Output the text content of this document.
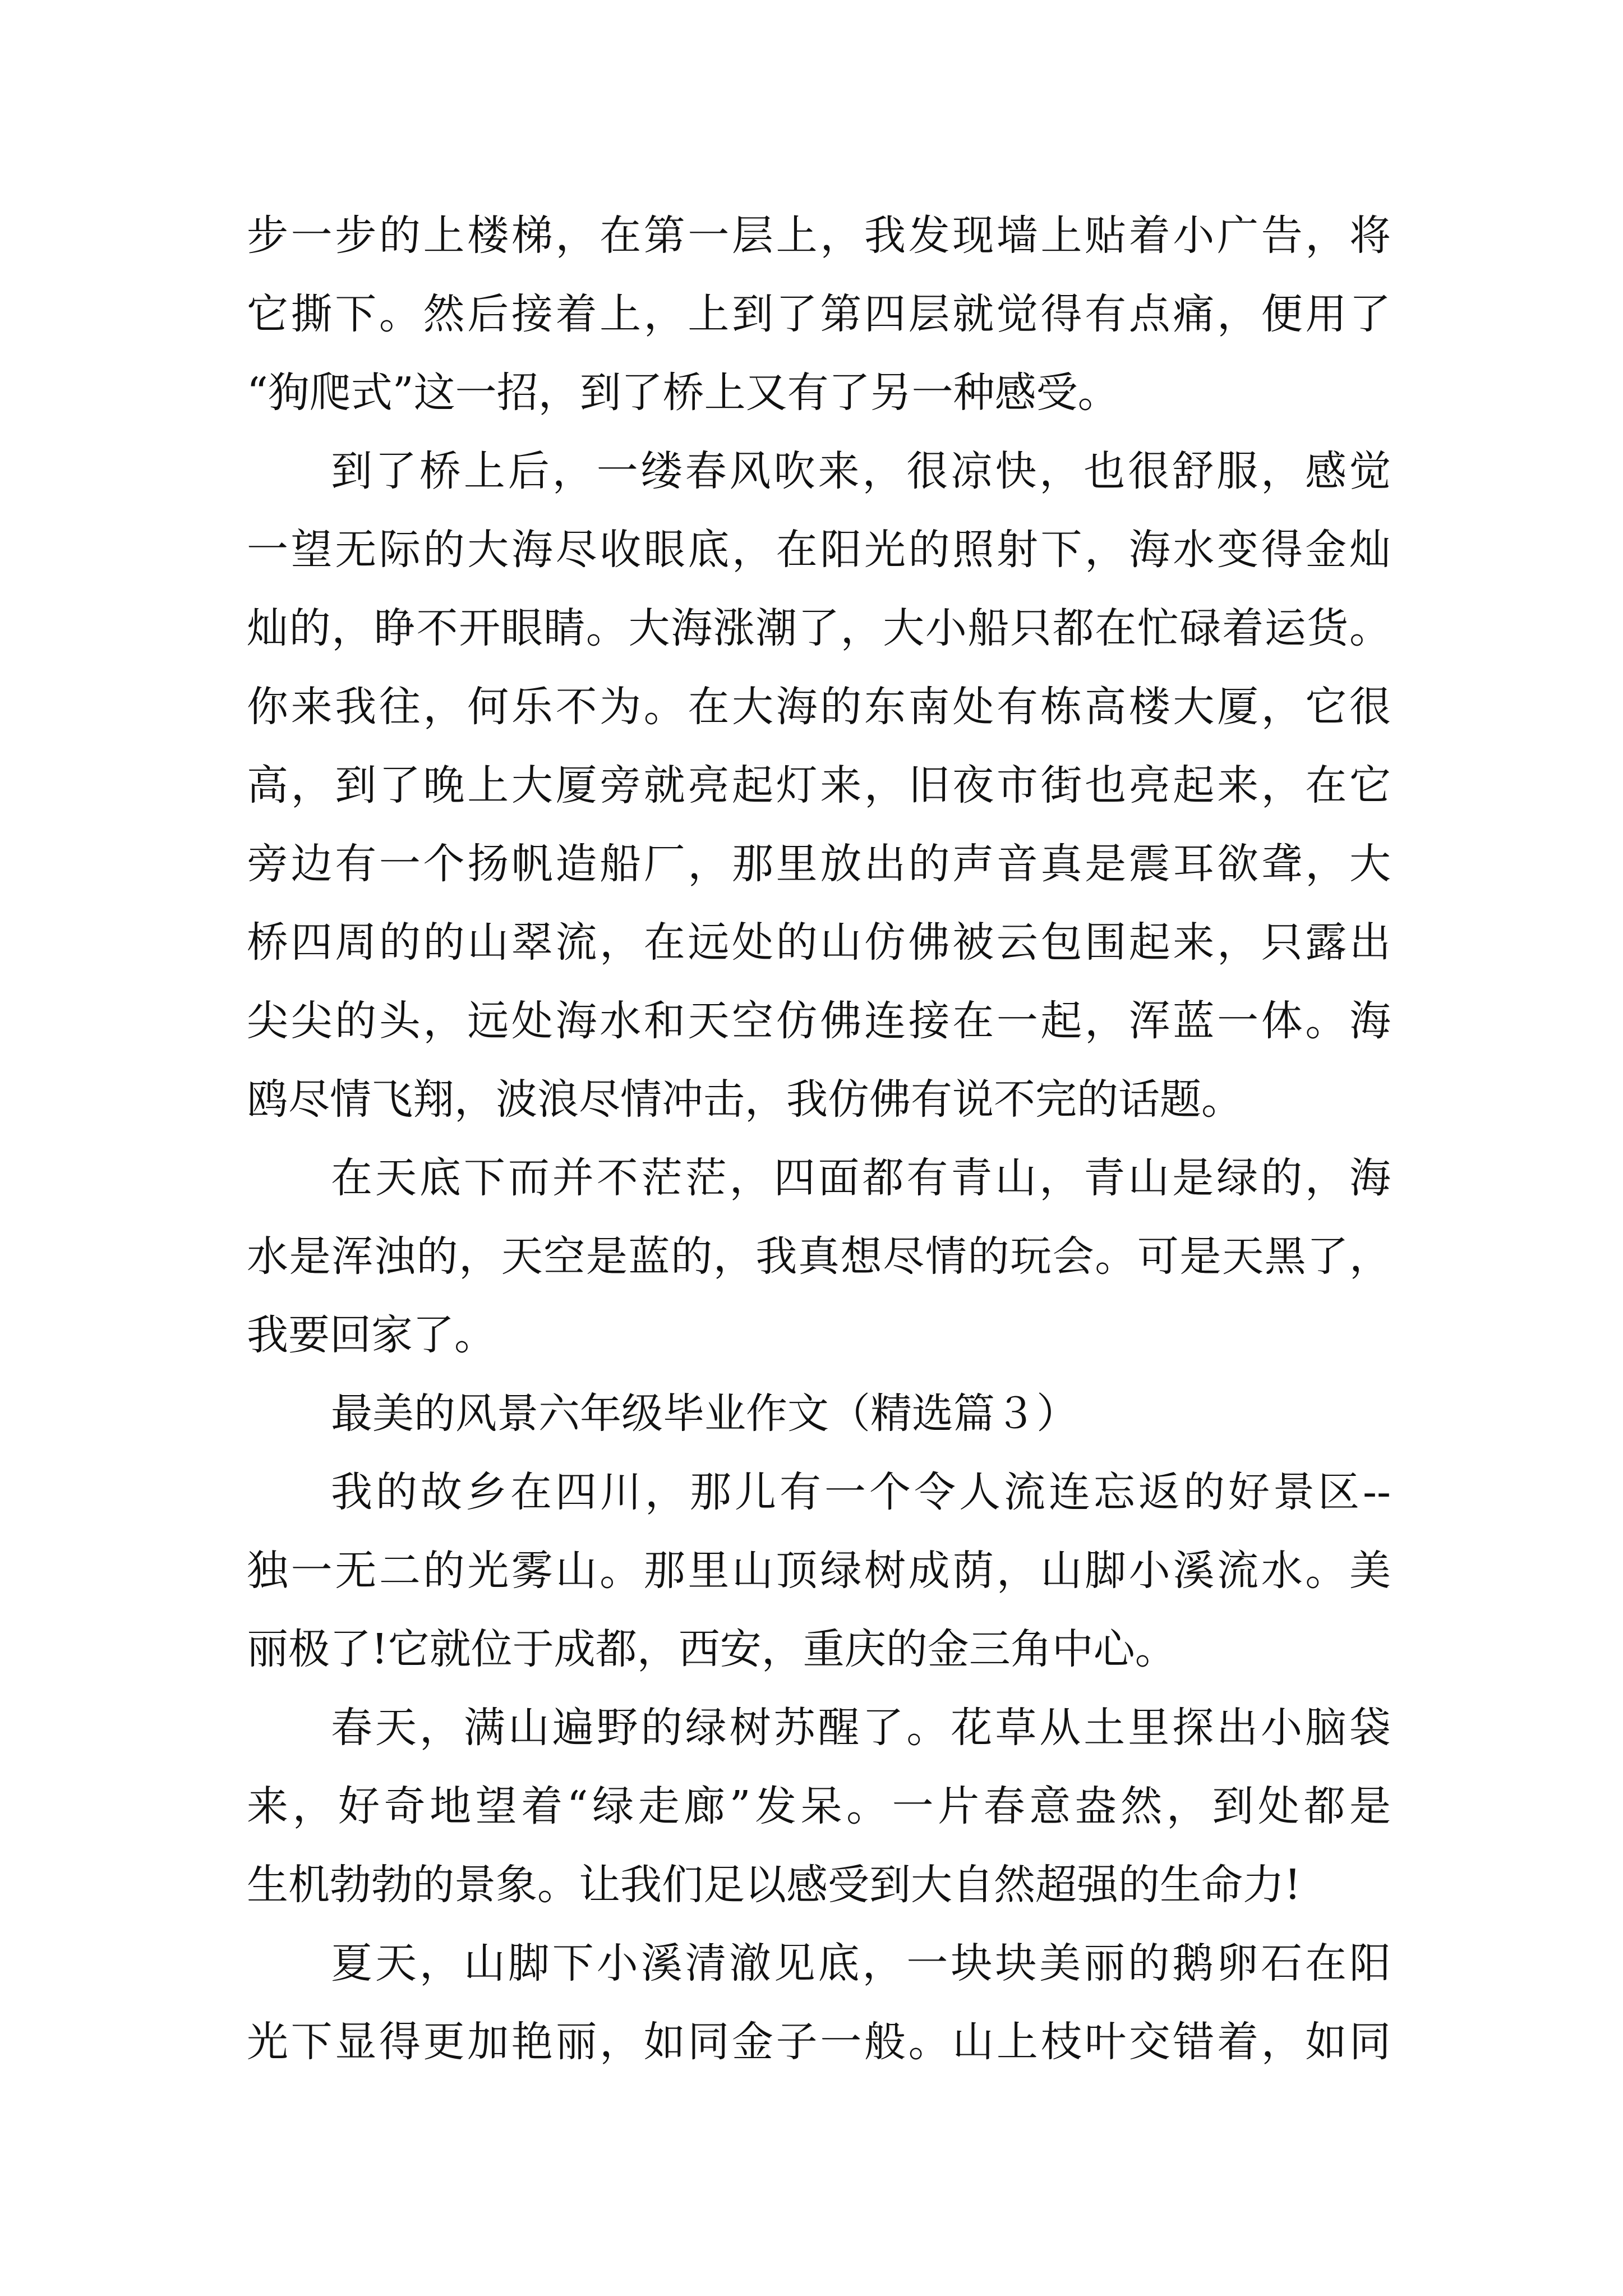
步一步的上楼梯，在第一层上，我发现墙上贴着小广告，将
它撕下。然后接着上，上到了第四层就觉得有点痛，便用了
“狗爬式”这一招，到了桥上又有了另一种感受。
到了桥上后，一缕春风吹来，很凉快，也很舒服，感觉
一望无际的大海尽收眼底，在阳光的照射下，海水变得金灿
灿的，睁不开眼睛。大海涨潮了，大小船只都在忙碌着运货。
你来我往，何乐不为。在大海的东南处有栋高楼大厦，它很
高，到了晚上大厦旁就亮起灯来，旧夜市街也亮起来，在它
旁边有一个扬帆造船厂，那里放出的声音真是震耳欲聋，大
桥四周的的山翠流，在远处的山仿佛被云包围起来，只露出
尖尖的头，远处海水和天空仿佛连接在一起，浑蓝一体。海
鸥尽情飞翔，波浪尽情冲击，我仿佛有说不完的话题。
在天底下而并不茫茫，四面都有青山，青山是绿的，海
水是浑浊的，天空是蓝的，我真想尽情的玩会。可是天黑了，
我要回家了。
最美的风景六年级毕业作文（精选篇３）
我的故乡在四川，那儿有一个令人流连忘返的好景区--
独一无二的光雾山。那里山顶绿树成荫，山脚小溪流水。美
丽极了!它就位于成都，西安，重庆的金三角中心。
春天，满山遍野的绿树苏醒了。花草从土里探出小脑袋
来，好奇地望着“绿走廊”发呆。一片春意盎然，到处都是
生机勃勃的景象。让我们足以感受到大自然超强的生命力!
夏天，山脚下小溪清澈见底，一块块美丽的鹅卵石在阳
光下显得更加艳丽，如同金子一般。山上枝叶交错着，如同
